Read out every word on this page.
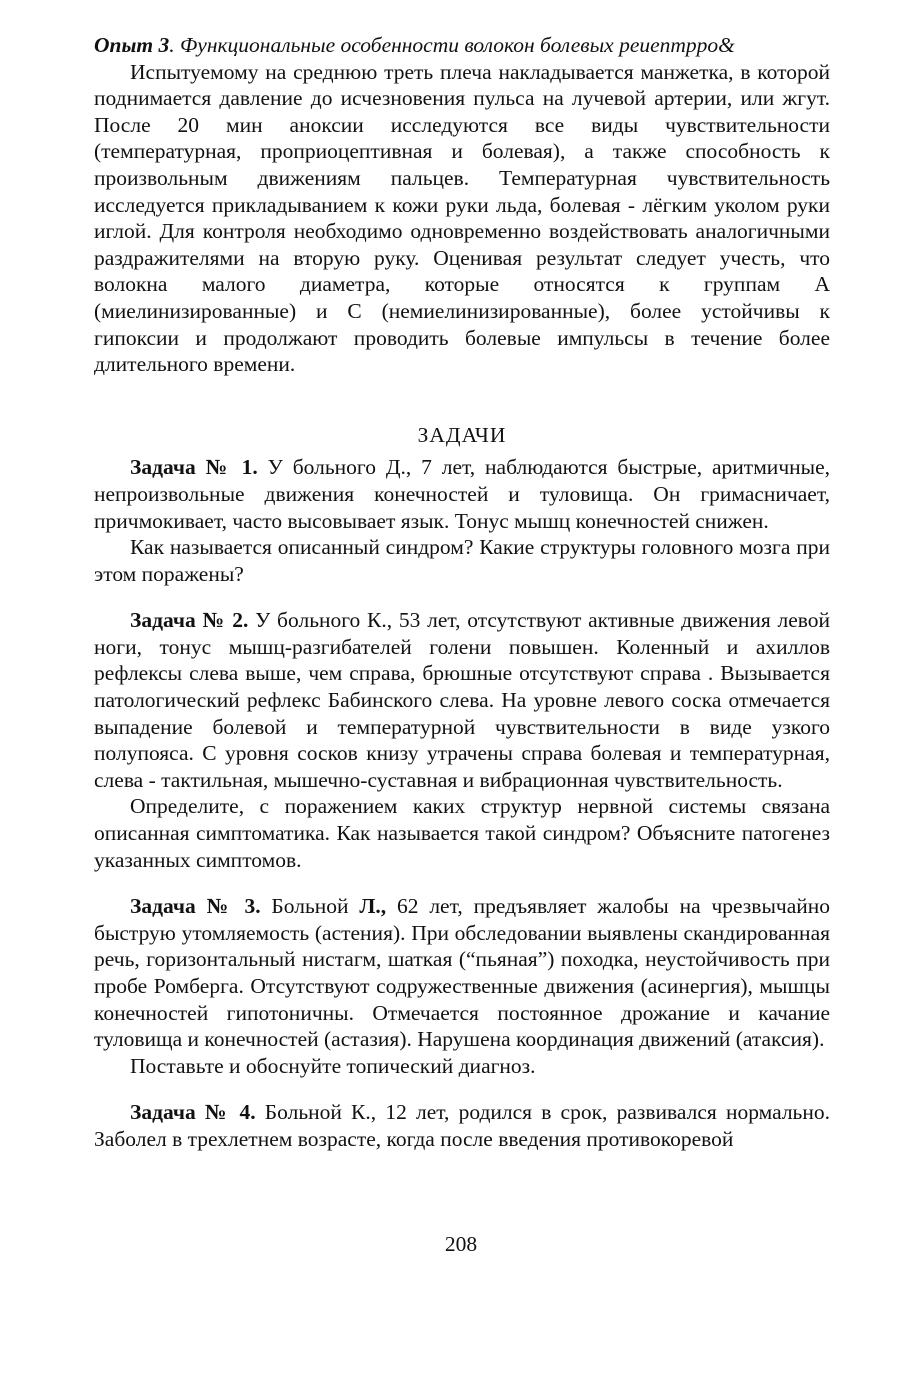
Опыт 3. Функциональные особенности волокон болевых реиептрро&

Испытуемому на среднюю треть плеча накладывается манжетка, в которой поднимается давление до исчезновения пульса на лучевой артерии, или жгут. После 20 мин аноксии исследуются все виды чувствительности (температурная, проприоцептивная и болевая), а также способность к произвольным движениям пальцев. Температурная чувствительность исследуется прикладыванием к кожи руки льда, болевая - лёгким уколом руки иглой. Для контроля необходимо одновременно воздействовать аналогичными раздражителями на вторую руку. Оценивая результат следует учесть, что волокна малого диаметра, которые относятся к группам А (миелинизированные) и С (немиелинизированные), более устойчивы к гипоксии и продолжают проводить болевые импульсы в течение более длительного времени.

ЗАДАЧИ

Задача № 1. У больного Д., 7 лет, наблюдаются быстрые, аритмичные, непроизвольные движения конечностей и туловища. Он гримасничает, причмокивает, часто высовывает язык. Тонус мышц конечностей снижен.

Как называется описанный синдром? Какие структуры головного мозга при этом поражены?

Задача № 2. У больного К., 53 лет, отсутствуют активные движения левой ноги, тонус мышц-разгибателей голени повышен. Коленный и ахиллов рефлексы слева выше, чем справа, брюшные отсутствуют справа . Вызывается патологический рефлекс Бабинского слева. На уровне левого соска отмечается выпадение болевой и температурной чувствительности в виде узкого полупояса. С уровня сосков книзу утрачены справа болевая и температурная, слева - тактильная, мышечно-суставная и вибрационная чувствительность.

Определите, с поражением каких структур нервной системы связана описанная симптоматика. Как называется такой синдром? Объясните патогенез указанных симптомов.

Задача № 3. Больной Л., 62 лет, предъявляет жалобы на чрезвычайно быструю утомляемость (астения). При обследовании выявлены скандированная речь, горизонтальный нистагм, шаткая (“пьяная”) походка, неустойчивость при пробе Ромберга. Отсутствуют содружественные движения (асинергия), мышцы конечностей гипотоничны. Отмечается постоянное дрожание и качание туловища и конечностей (астазия). Нарушена координация движений (атаксия).

Поставьте и обоснуйте топический диагноз.

Задача № 4. Больной К., 12 лет, родился в срок, развивался нормально. Заболел в трехлетнем возрасте, когда после введения противокоревой

208
